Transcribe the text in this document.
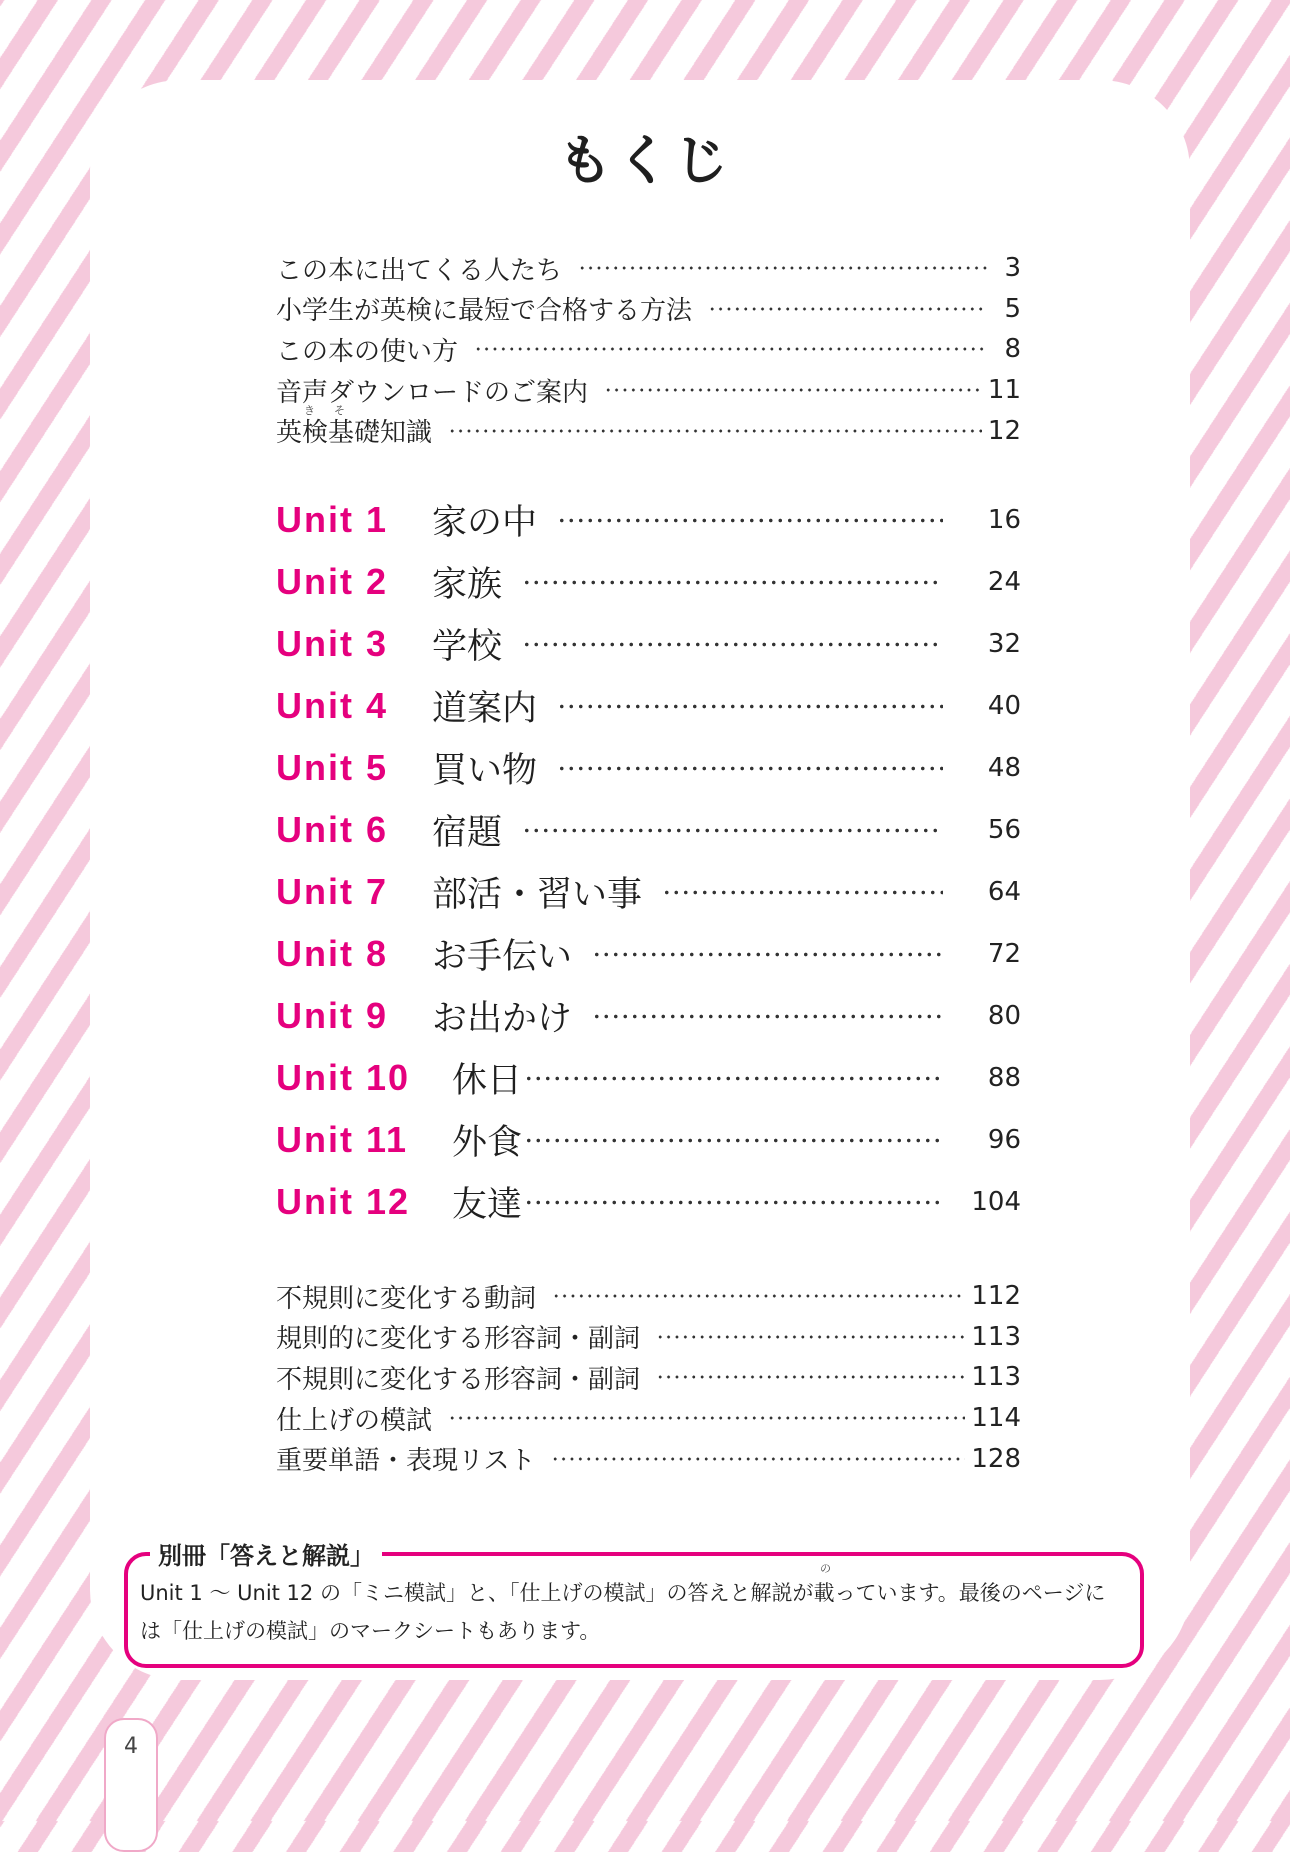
もくじ
この本に出てくる人たち	3
小学生が英検に最短で合格する方法	5
この本の使い方	8
音声ダウンロードのご案内	11
き　そ
英検基礎知識	12
Unit 1	家の中	16
Unit 2	家族	24
Unit 3	学校	32
Unit 4	道案内	40
Unit 5	買い物	48
Unit 6	宿題	56
Unit 7	部活・習い事	64
Unit 8	お手伝い	72
Unit 9	お出かけ	80
Unit 10	休日	88
Unit 11	外食	96
Unit 12	友達	104
不規則に変化する動詞	112
規則的に変化する形容詞・副詞	113
不規則に変化する形容詞・副詞	113
仕上げの模試	114
重要単語・表現リスト	128
別冊「答えと解説」	の
Unit 1 ～ Unit 12 の「ミニ模試」と、「仕上げの模試」の答えと解説が載っています。最後のページに
は「仕上げの模試」のマークシートもあります。
4
